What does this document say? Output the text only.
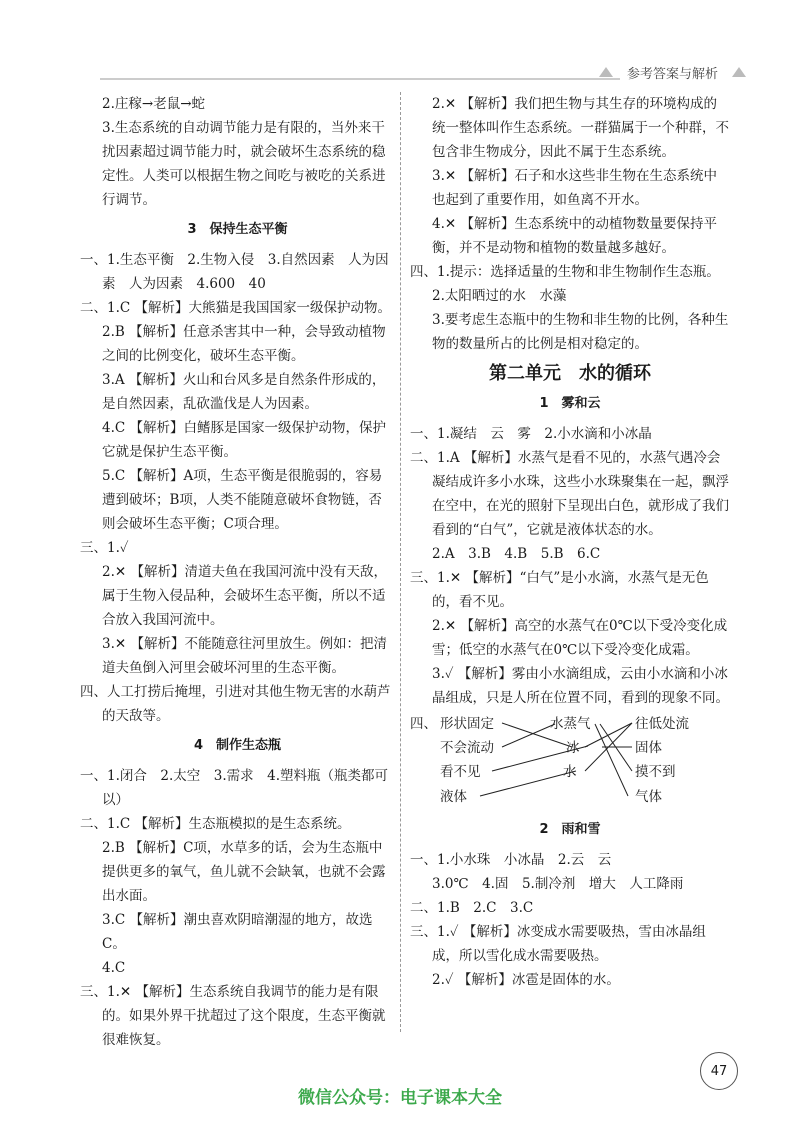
参考答案与解析

2.庄稼→老鼠→蛇

3.生态系统的自动调节能力是有限的，当外来干扰因素超过调节能力时，就会破坏生态系统的稳定性。人类可以根据生物之间吃与被吃的关系进行调节。

3　保持生态平衡

一、1.生态平衡　2.生物入侵　3.自然因素　人为因素　人为因素　4.600　40

二、1.C 【解析】大熊猫是我国国家一级保护动物。

2.B 【解析】任意杀害其中一种，会导致动植物之间的比例变化，破坏生态平衡。

3.A 【解析】火山和台风多是自然条件形成的，是自然因素，乱砍滥伐是人为因素。

4.C 【解析】白鳍豚是国家一级保护动物，保护它就是保护生态平衡。

5.C 【解析】A项，生态平衡是很脆弱的，容易遭到破坏；B项，人类不能随意破坏食物链，否则会破坏生态平衡；C项合理。

三、1.✓

2.✕ 【解析】清道夫鱼在我国河流中没有天敌，属于生物入侵品种，会破坏生态平衡，所以不适合放入我国河流中。

3.✕ 【解析】不能随意往河里放生。例如：把清道夫鱼倒入河里会破坏河里的生态平衡。

四、人工打捞后掩埋，引进对其他生物无害的水葫芦的天敌等。

4　制作生态瓶

一、1.闭合　2.太空　3.需求　4.塑料瓶（瓶类都可以）

二、1.C 【解析】生态瓶模拟的是生态系统。

2.B 【解析】C项，水草多的话，会为生态瓶中提供更多的氧气，鱼儿就不会缺氧，也就不会露出水面。

3.C 【解析】潮虫喜欢阴暗潮湿的地方，故选C。

4.C

三、1.✕ 【解析】生态系统自我调节的能力是有限的。如果外界干扰超过了这个限度，生态平衡就很难恢复。

2.✕ 【解析】我们把生物与其生存的环境构成的统一整体叫作生态系统。一群猫属于一个种群，不包含非生物成分，因此不属于生态系统。

3.✕ 【解析】石子和水这些非生物在生态系统中也起到了重要作用，如鱼离不开水。

4.✕ 【解析】生态系统中的动植物数量要保持平衡，并不是动物和植物的数量越多越好。

四、1.提示：选择适量的生物和非生物制作生态瓶。

2.太阳晒过的水　水藻

3.要考虑生态瓶中的生物和非生物的比例，各种生物的数量所占的比例是相对稳定的。

第二单元　水的循环

1　雾和云

一、1.凝结　云　雾　2.小水滴和小冰晶

二、1.A 【解析】水蒸气是看不见的，水蒸气遇冷会凝结成许多小水珠，这些小水珠聚集在一起，飘浮在空中，在光的照射下呈现出白色，就形成了我们看到的“白气”，它就是液体状态的水。

2.A　3.B　4.B　5.B　6.C

三、1.✕ 【解析】“白气”是小水滴，水蒸气是无色的，看不见。

2.✕ 【解析】高空的水蒸气在0℃以下受冷变化成雪；低空的水蒸气在0℃以下受冷变化成霜。

3.✓ 【解析】雾由小水滴组成，云由小水滴和小冰晶组成，只是人所在位置不同，看到的现象不同。

四、 形状固定
不会流动
看不见
液体
水蒸气
冰
水
往低处流
固体
摸不到
气体

2　雨和雪

一、1.小水珠　小冰晶　2.云　云

3.0℃　4.固　5.制冷剂　增大　人工降雨

二、1.B　2.C　3.C

三、1.✓ 【解析】冰变成水需要吸热，雪由冰晶组成，所以雪化成水需要吸热。

2.✓ 【解析】冰雹是固体的水。

47
微信公众号：电子课本大全
